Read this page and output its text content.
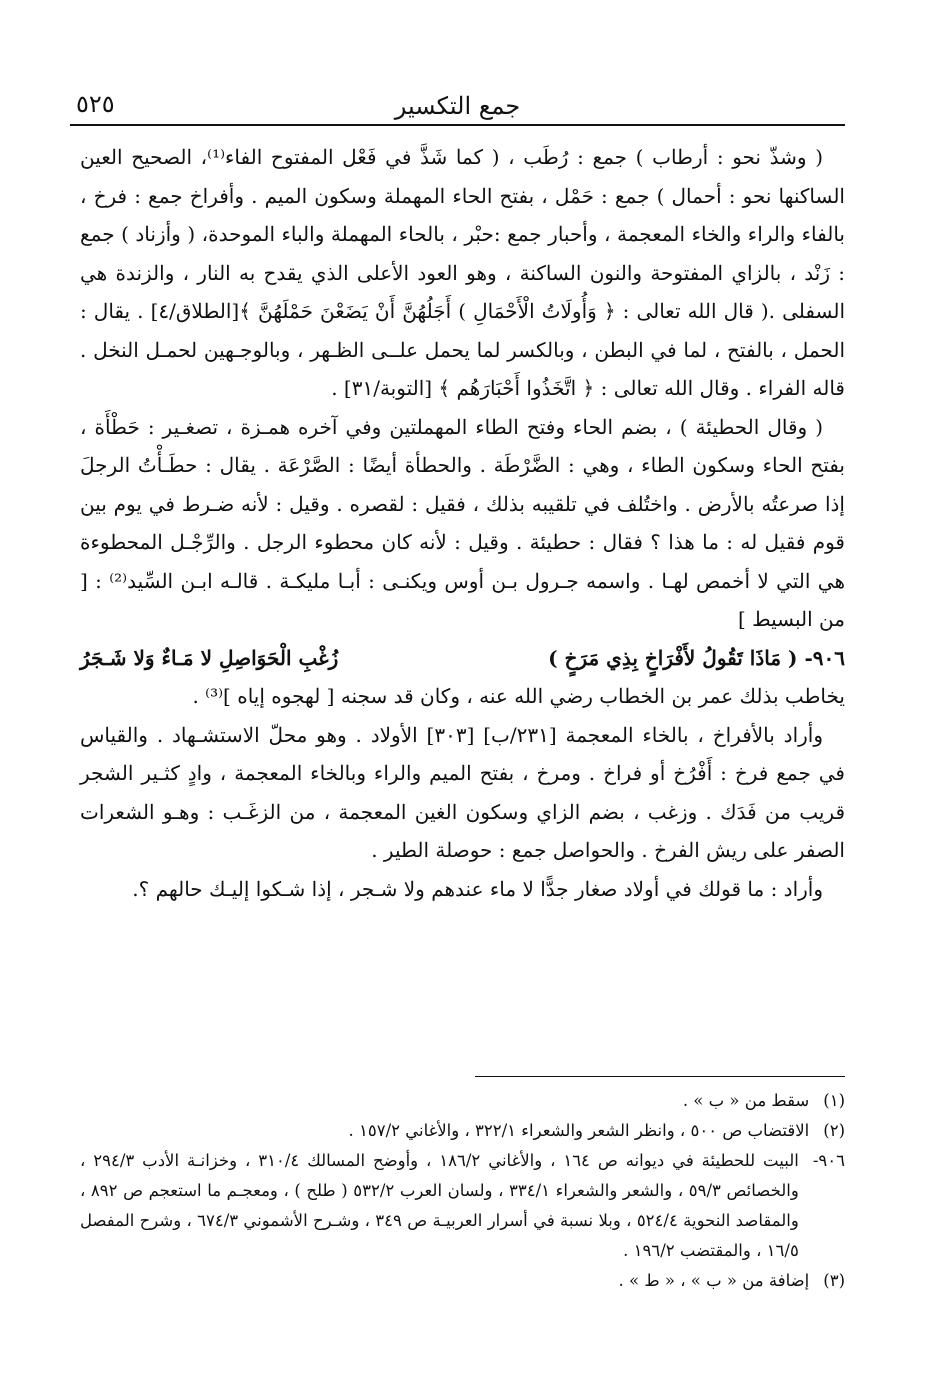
جمع التكسير
٥٢٥

( وشذّ نحو : أرطاب ) جمع : رُطَب ، ( كما شَذَّ في فَعْل المفتوح الفاء⁽¹⁾، الصحيح العين الساكنها نحو : أحمال ) جمع : حَمْل ، بفتح الحاء المهملة وسكون الميم . وأفراخ جمع : فرخ ، بالفاء والراء والخاء المعجمة ، وأحبار جمع :حبْر ، بالحاء المهملة والباء الموحدة، ( وأزناد ) جمع : زَنْد ، بالزاي المفتوحة والنون الساكنة ، وهو العود الأعلى الذي يقدح به النار ، والزندة هي السفلى .( قال الله تعالى : ﴿ وَأُولَاتُ الْأَحْمَالِ ) أَجَلُهُنَّ أَنْ يَضَعْنَ حَمْلَهُنَّ ﴾[الطلاق/٤] . يقال : الحمل ، بالفتح ، لما في البطن ، وبالكسر لما يحمل علــى الظـهر ، وبالوجـهين لحمـل النخل . قاله الفراء . وقال الله تعالى : ﴿ اتَّخَذُوا أَحْبَارَهُم ﴾ [التوبة/٣١] .

( وقال الحطيئة ) ، بضم الحاء وفتح الطاء المهملتين وفي آخره همـزة ، تصغـير : حَطْأَة ، بفتح الحاء وسكون الطاء ، وهي : الضَّرْطَة . والحطأة أيضًا : الصَّرْعَة . يقال : حطَـأْتُ الرجلَ إذا صرعتُه بالأرض . واختُلف في تلقيبه بذلك ، فقيل : لقصره . وقيل : لأنه ضـرط في يوم بين قوم فقيل له : ما هذا ؟ فقال : حطيئة . وقيل : لأنه كان محطوء الرجل . والرِّجْـل المحطوءة هي التي لا أخمص لهـا . واسمه جـرول بـن أوس ويكنـى : أبـا مليكـة . قالـه ابـن السِّيد⁽²⁾ : [ من البسيط ]

٩٠٦- ( مَاذَا تَقُولُ لأَفْرَاخٍ بِذِي مَرَخٍ )
زُغْبِ الْحَوَاصِلِ لا مَـاءٌ وَلا شَـجَرُ

يخاطب بذلك عمر بن الخطاب رضي الله عنه ، وكان قد سجنه [ لهجوه إياه ]⁽³⁾ .

وأراد بالأفراخ ، بالخاء المعجمة [٢٣١/ب] [٣٠٣] الأولاد . وهو محلّ الاستشـهاد . والقياس في جمع فرخ : أَفْرُخ أو فراخ . ومرخ ، بفتح الميم والراء وبالخاء المعجمة ، وادٍ كثـير الشجر قريب من فَدَك . وزغب ، بضم الزاي وسكون الغين المعجمة ، من الزغَـب : وهـو الشعرات الصفر على ريش الفرخ . والحواصل جمع : حوصلة الطير .

وأراد : ما قولك في أولاد صغار جدًّا لا ماء عندهم ولا شـجر ، إذا شـكوا إليـك حالهم ؟.

(١)
سقط من « ب » .
(٢)
الاقتضاب ص ٥٠٠ ، وانظر الشعر والشعراء ٣٢٢/١ ، والأغاني ١٥٧/٢ .
٩٠٦-
البيت للحطيئة في ديوانه ص ١٦٤ ، والأغاني ١٨٦/٢ ، وأوضح المسالك ٣١٠/٤ ، وخزانـة الأدب ٢٩٤/٣ ، والخصائص ٥٩/٣ ، والشعر والشعراء ٣٣٤/١ ، ولسان العرب ٥٣٢/٢ ( طلح ) ، ومعجـم ما استعجم ص ٨٩٢ ، والمقاصد النحوية ٥٢٤/٤ ، وبلا نسبة في أسرار العربيـة ص ٣٤٩ ، وشـرح الأشموني ٦٧٤/٣ ، وشرح المفصل ١٦/٥ ، والمقتضب ١٩٦/٢ .
(٣)
إضافة من « ب » ، « ط » .
